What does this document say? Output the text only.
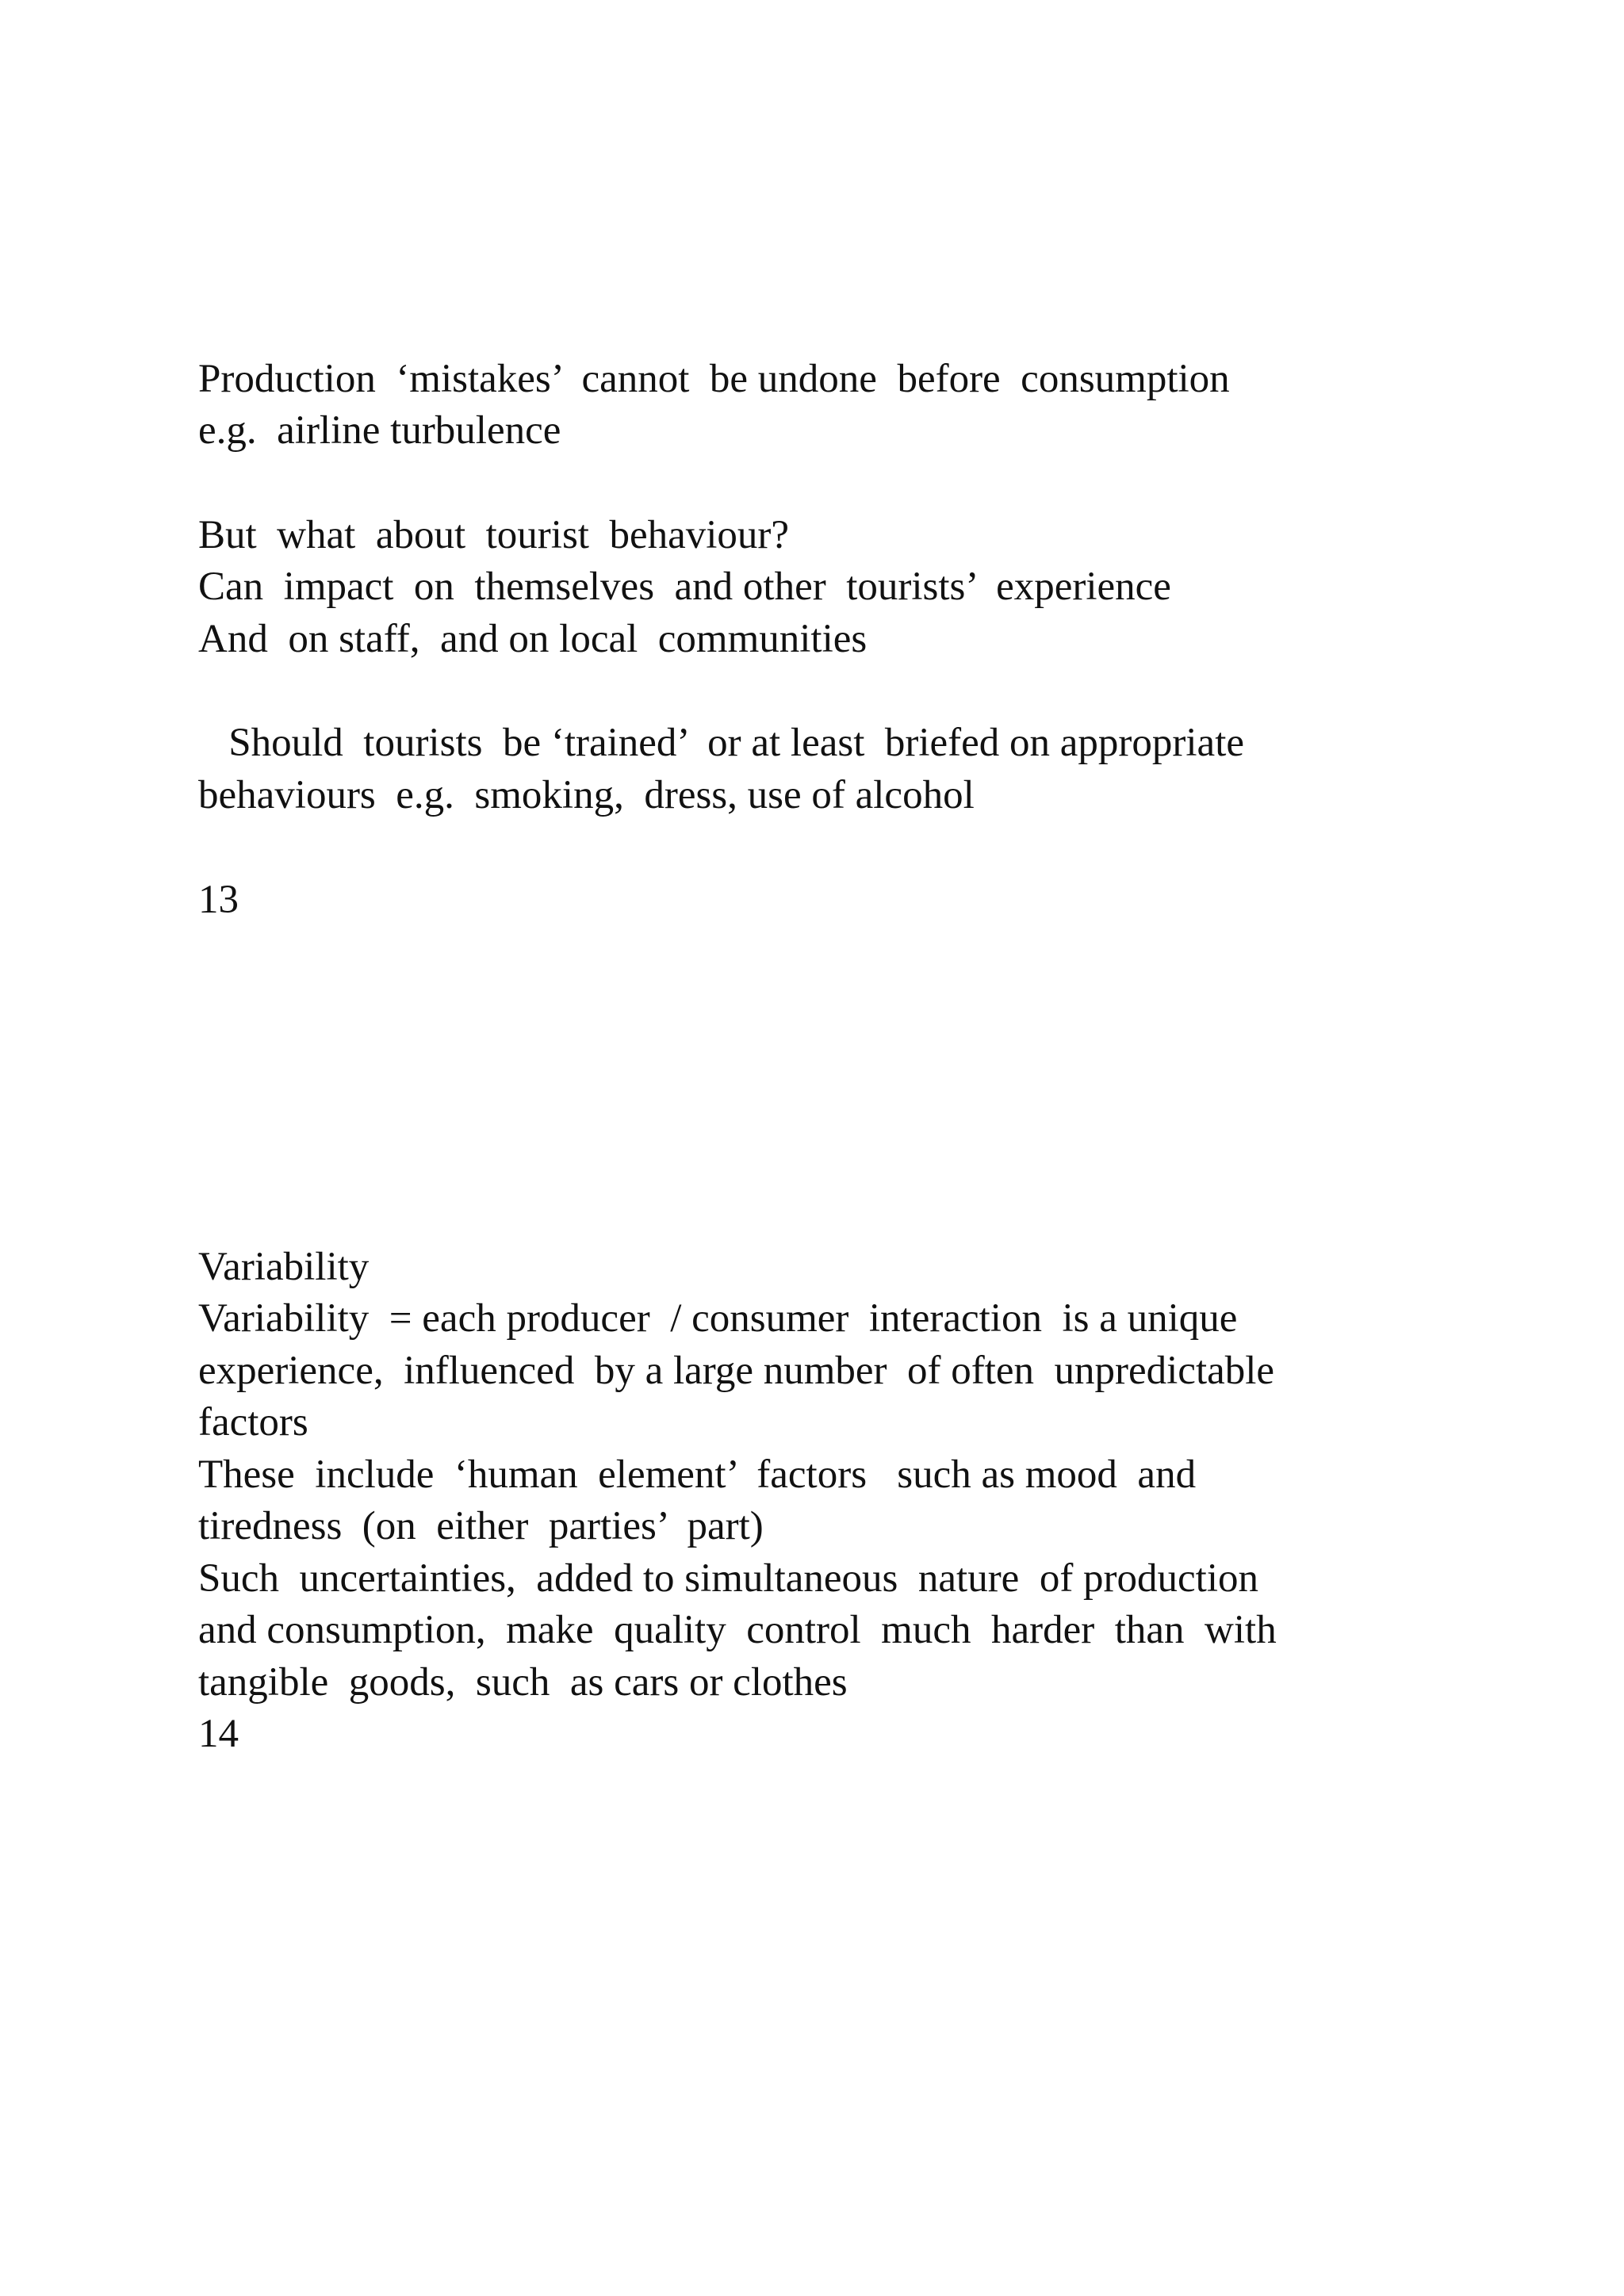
Production  ‘mistakes’  cannot  be undone  before  consumption

e.g.  airline turbulence

But  what  about  tourist  behaviour?

Can  impact  on  themselves  and other  tourists’  experience

And  on staff,  and on local  communities

Should  tourists  be ‘trained’  or at least  briefed on appropriate

behaviours  e.g.  smoking,  dress, use of alcohol

13

Variability

Variability  = each producer  / consumer  interaction  is a unique

experience,  influenced  by a large number  of often  unpredictable

factors

These  include  ‘human  element’  factors   such as mood  and

tiredness  (on  either  parties’  part)

Such  uncertainties,  added to simultaneous  nature  of production

and consumption,  make  quality  control  much  harder  than  with

tangible  goods,  such  as cars or clothes

14
